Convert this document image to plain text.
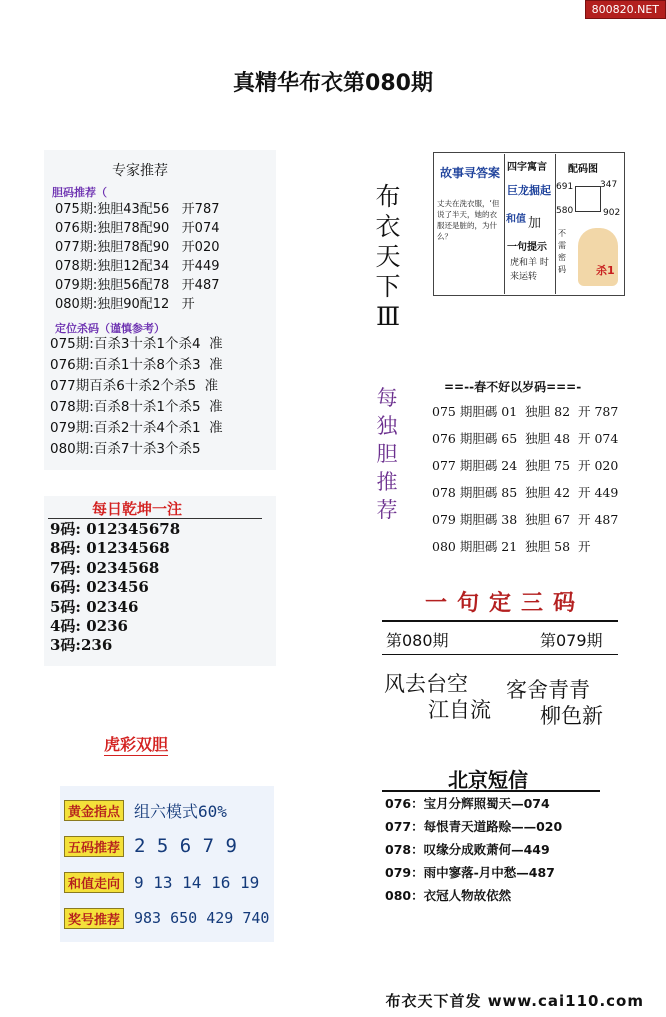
800820.NET
真精华布衣第080期
专家推荐
胆码推荐（
075期:独胆43配56   开787
076期:独胆78配90   开074
077期:独胆78配90   开020
078期:独胆12配34   开449
079期:独胆56配78   开487
080期:独胆90配12   开
定位杀码（谨慎参考）
075期:百杀3十杀1个杀4  准
076期:百杀1十杀8个杀3  准
077期百杀6十杀2个杀5  准
078期:百杀8十杀1个杀5  准
079期:百杀2十杀4个杀1  准
080期:百杀7十杀3个杀5
每日乾坤一注
9码: 012345678
8码: 01234568
7码: 0234568
6码: 023456
5码: 02346
4码: 0236
3码:236
虎彩双胆
黄金指点 组六模式60%
五码推荐 2 5 6 7 9
和值走向 9 13 14 16 19
奖号推荐 983 650 429 740
布
衣
天
下
Ⅲ
每
独
胆
推
荐
故事寻答案
丈夫在洗衣服，‘但说了半天，她的衣服还是脏的，为什么？
四字寓言
巨龙掘起
和值 加
一句提示
虎和羊 时来运转
配码图
691	347
580	902
不需密码	杀1
==--春不好以岁码===-
075 期胆碼 01  独胆 82  开 787
076 期胆碼 65  独胆 48  开 074
077 期胆碼 24  独胆 75  开 020
078 期胆碼 85  独胆 42  开 449
079 期胆碼 38  独胆 67  开 487
080 期胆碼 21  独胆 58  开
一句定三码
第080期	第079期
风去台空
江自流
客舍青青
柳色新
北京短信
076：宝月分辉照蜀天—074
077：每恨青天道路赊——020
078：叹缘分成败萧何—449
079：雨中寥落-月中愁—487
080：衣冠人物故依然
布衣天下首发 www.cai110.com
